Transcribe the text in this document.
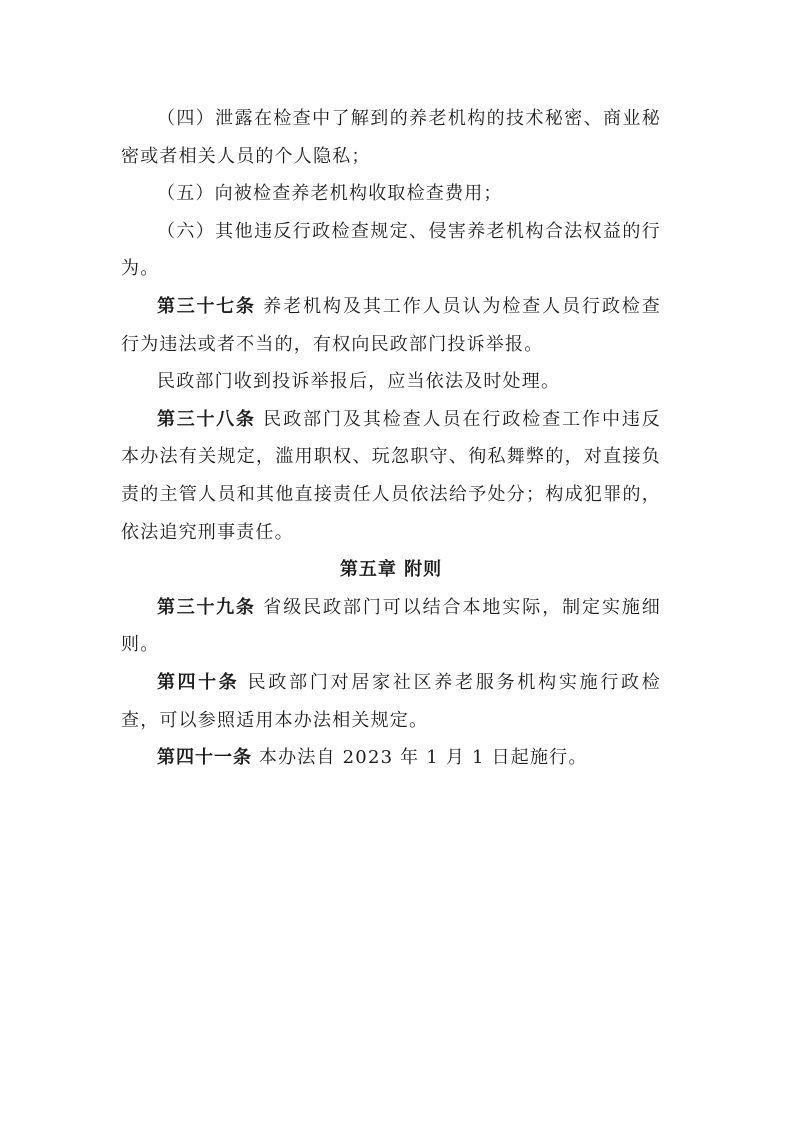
（四）泄露在检查中了解到的养老机构的技术秘密、商业秘密或者相关人员的个人隐私；

（五）向被检查养老机构收取检查费用；

（六）其他违反行政检查规定、侵害养老机构合法权益的行为。

第三十七条 养老机构及其工作人员认为检查人员行政检查行为违法或者不当的，有权向民政部门投诉举报。

民政部门收到投诉举报后，应当依法及时处理。

第三十八条 民政部门及其检查人员在行政检查工作中违反本办法有关规定，滥用职权、玩忽职守、徇私舞弊的，对直接负责的主管人员和其他直接责任人员依法给予处分；构成犯罪的，依法追究刑事责任。

第五章 附则

第三十九条 省级民政部门可以结合本地实际，制定实施细则。

第四十条 民政部门对居家社区养老服务机构实施行政检查，可以参照适用本办法相关规定。

第四十一条 本办法自 2023 年 1 月 1 日起施行。
